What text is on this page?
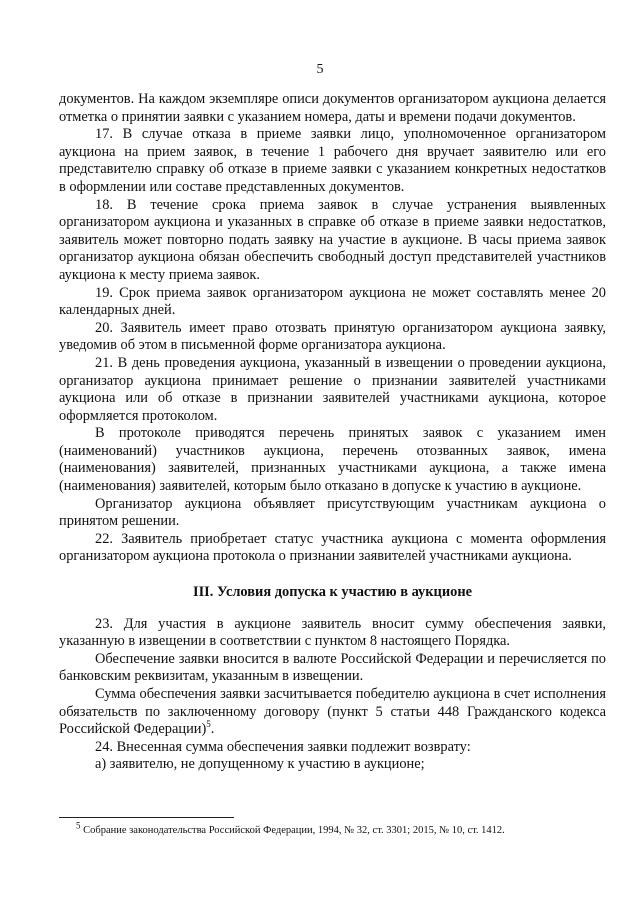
5

документов. На каждом экземпляре описи документов организатором аукциона делается отметка о принятии заявки с указанием номера, даты и времени подачи документов.

17. В случае отказа в приеме заявки лицо, уполномоченное организатором аукциона на прием заявок, в течение 1 рабочего дня вручает заявителю или его представителю справку об отказе в приеме заявки с указанием конкретных недостатков в оформлении или составе представленных документов.

18. В течение срока приема заявок в случае устранения выявленных организатором аукциона и указанных в справке об отказе в приеме заявки недостатков, заявитель может повторно подать заявку на участие в аукционе. В часы приема заявок организатор аукциона обязан обеспечить свободный доступ представителей участников аукциона к месту приема заявок.

19. Срок приема заявок организатором аукциона не может составлять менее 20 календарных дней.

20. Заявитель имеет право отозвать принятую организатором аукциона заявку, уведомив об этом в письменной форме организатора аукциона.

21. В день проведения аукциона, указанный в извещении о проведении аукциона, организатор аукциона принимает решение о признании заявителей участниками аукциона или об отказе в признании заявителей участниками аукциона, которое оформляется протоколом.

В протоколе приводятся перечень принятых заявок с указанием имен (наименований) участников аукциона, перечень отозванных заявок, имена (наименования) заявителей, признанных участниками аукциона, а также имена (наименования) заявителей, которым было отказано в допуске к участию в аукционе.

Организатор аукциона объявляет присутствующим участникам аукциона о принятом решении.

22. Заявитель приобретает статус участника аукциона с момента оформления организатором аукциона протокола о признании заявителей участниками аукциона.

III. Условия допуска к участию в аукционе

23. Для участия в аукционе заявитель вносит сумму обеспечения заявки, указанную в извещении в соответствии с пунктом 8 настоящего Порядка.

Обеспечение заявки вносится в валюте Российской Федерации и перечисляется по банковским реквизитам, указанным в извещении.

Сумма обеспечения заявки засчитывается победителю аукциона в счет исполнения обязательств по заключенному договору (пункт 5 статьи 448 Гражданского кодекса Российской Федерации)$^5$.

24. Внесенная сумма обеспечения заявки подлежит возврату:

а) заявителю, не допущенному к участию в аукционе;

$^5$ Собрание законодательства Российской Федерации, 1994, № 32, ст. 3301; 2015, № 10, ст. 1412.
